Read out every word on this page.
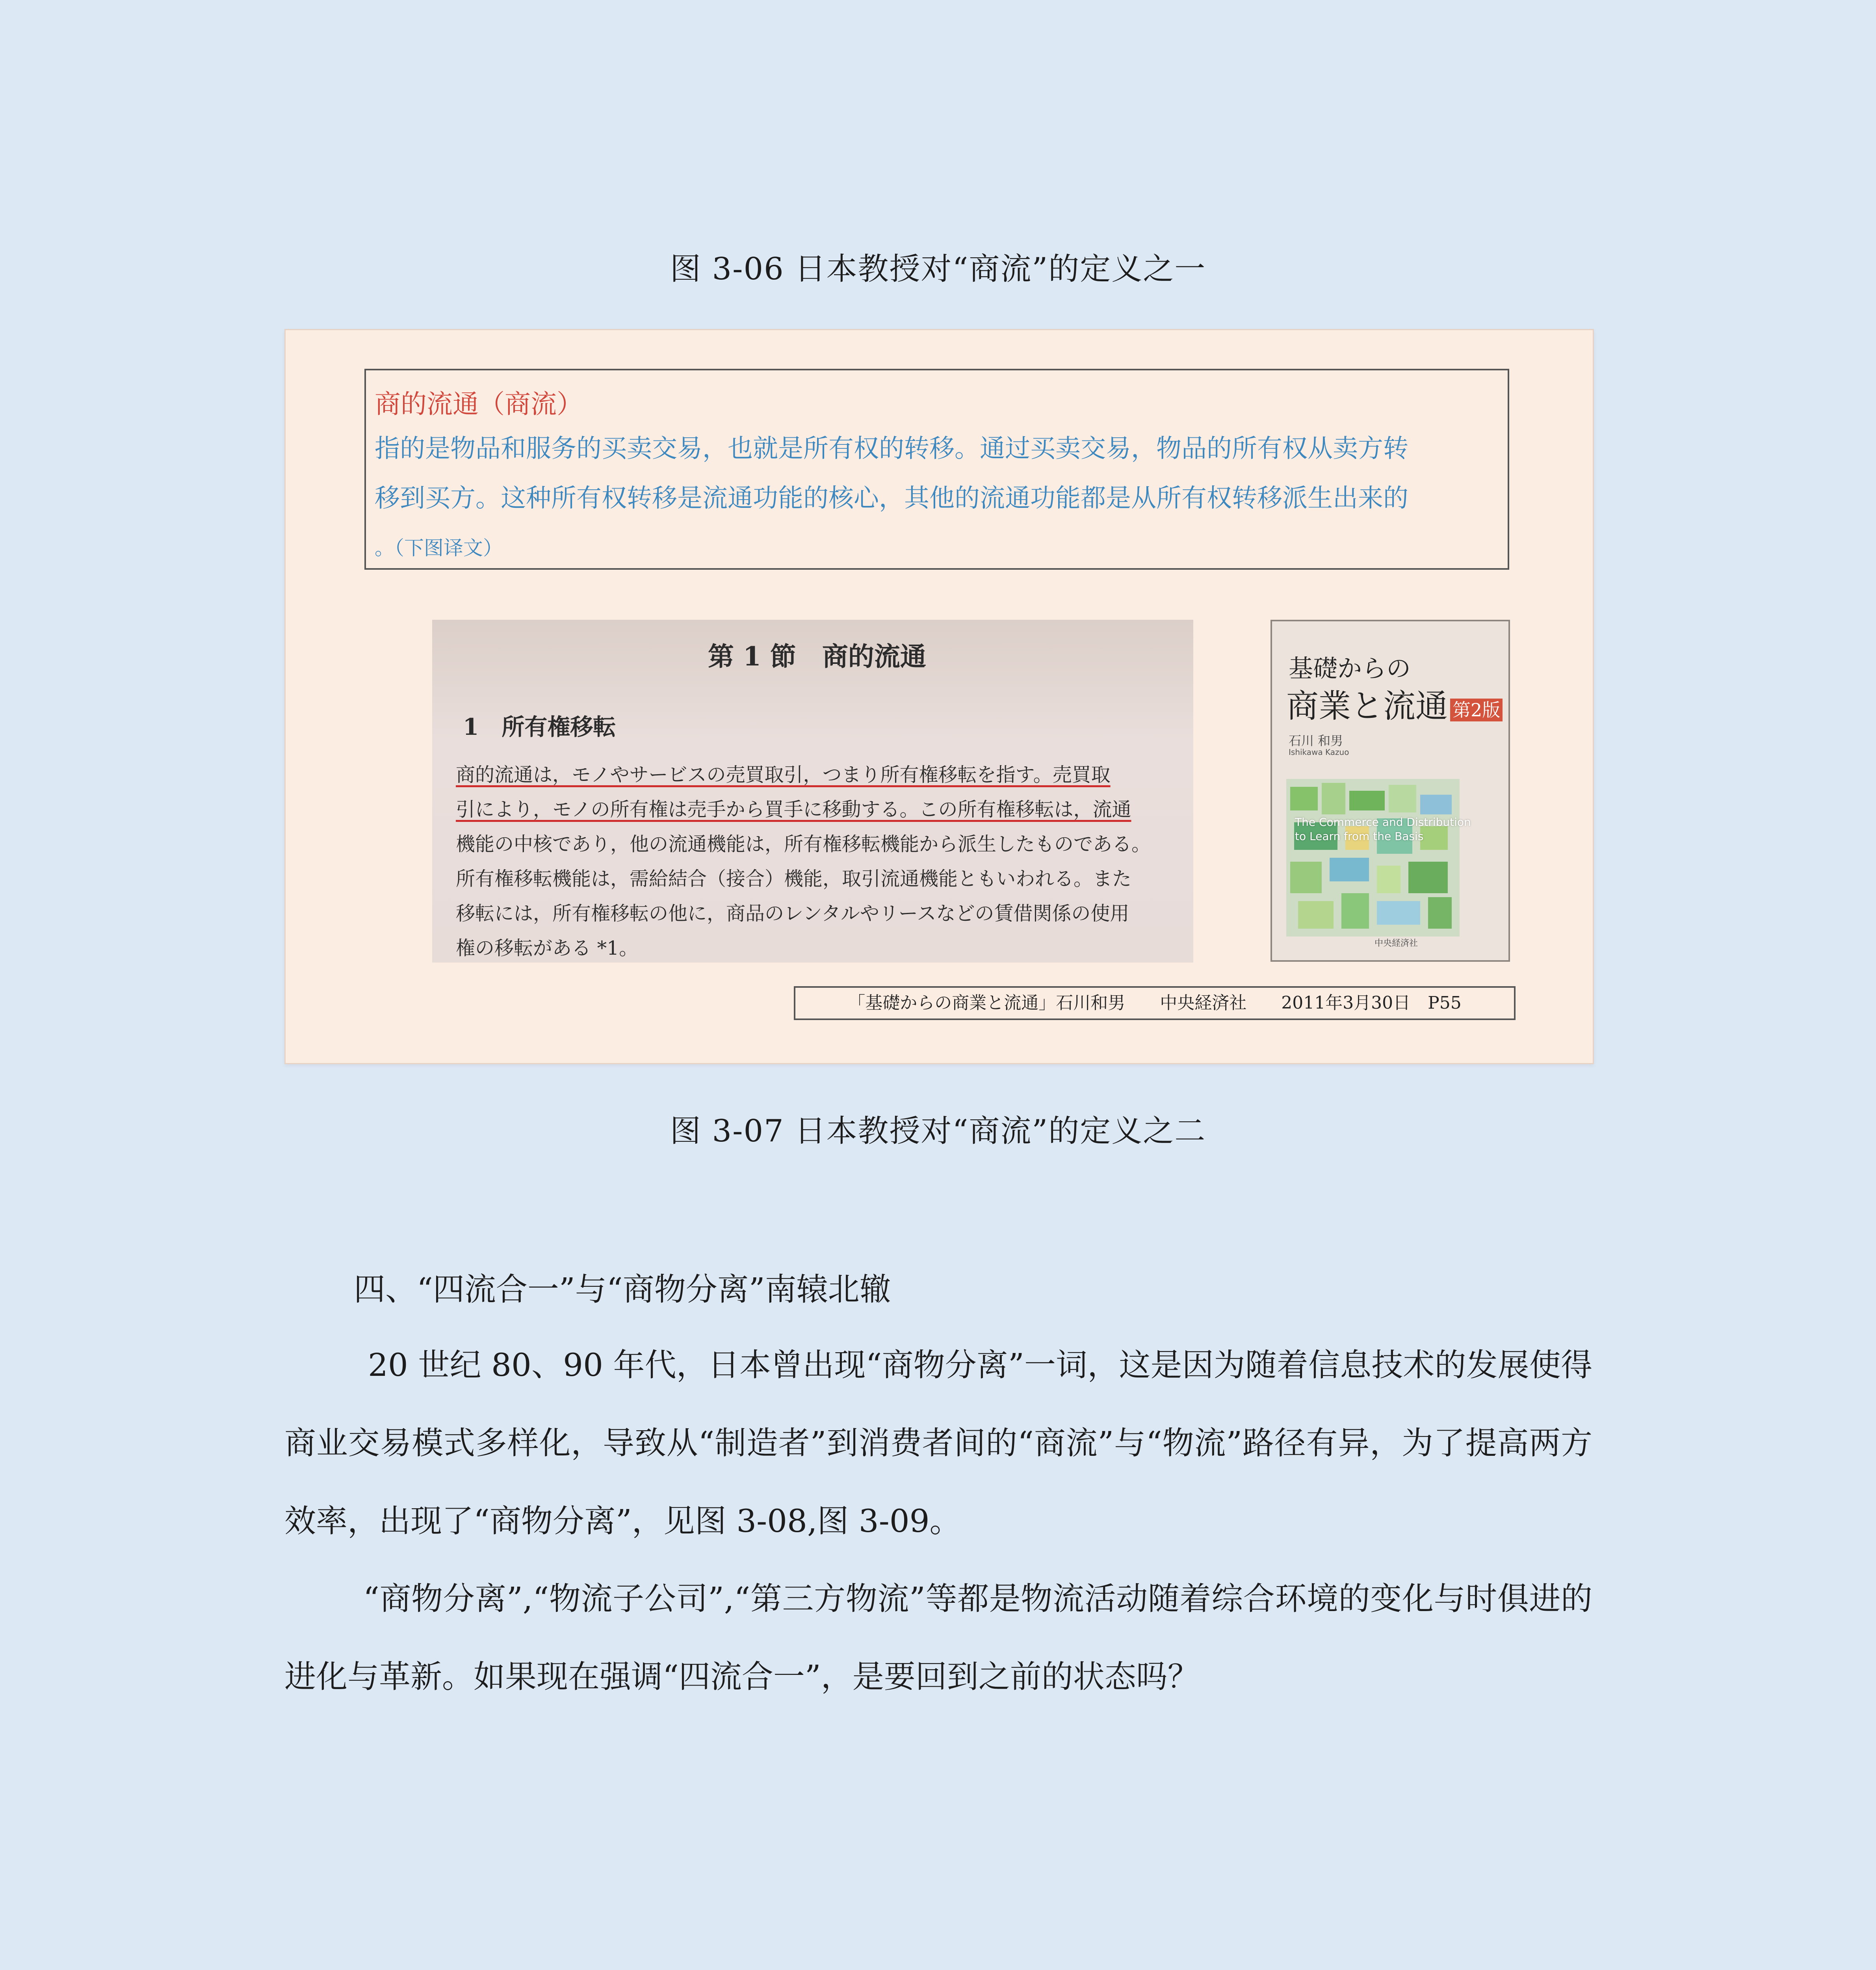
图 3-06 日本教授对“商流”的定义之一
商的流通（商流）
指的是物品和服务的买卖交易，也就是所有权的转移。通过买卖交易，物品的所有权从卖方转
移到买方。这种所有权转移是流通功能的核心，其他的流通功能都是从所有权转移派生出来的
。（下图译文）
第 1 節　商的流通
1　所有権移転
商的流通は，モノやサービスの売買取引，つまり所有権移転を指す。売買取
引により，モノの所有権は売手から買手に移動する。この所有権移転は，流通
機能の中核であり，他の流通機能は，所有権移転機能から派生したものである。
所有権移転機能は，需給結合（接合）機能，取引流通機能ともいわれる。また
移転には，所有権移転の他に，商品のレンタルやリースなどの賃借関係の使用
権の移転がある *1。
基礎からの
商業と流通 第2版
石川 和男
Ishikawa Kazuo
The Commerce and Distribution
to Learn from the Basis
中央経済社
「基礎からの商業と流通」石川和男　　中央経済社　　2011年3月30日　P55
图 3-07 日本教授对“商流”的定义之二
四、“四流合一”与“商物分离”南辕北辙
20 世纪 80、90 年代，日本曾出现“商物分离”一词，这是因为随着信息技术的发展使得商业交易模式多样化，导致从“制造者”到消费者间的“商流”与“物流”路径有异，为了提高两方效率，出现了“商物分离”，见图 3-08,图 3-09。
“商物分离”,“物流子公司”,“第三方物流”等都是物流活动随着综合环境的变化与时俱进的进化与革新。如果现在强调“四流合一”，是要回到之前的状态吗？
